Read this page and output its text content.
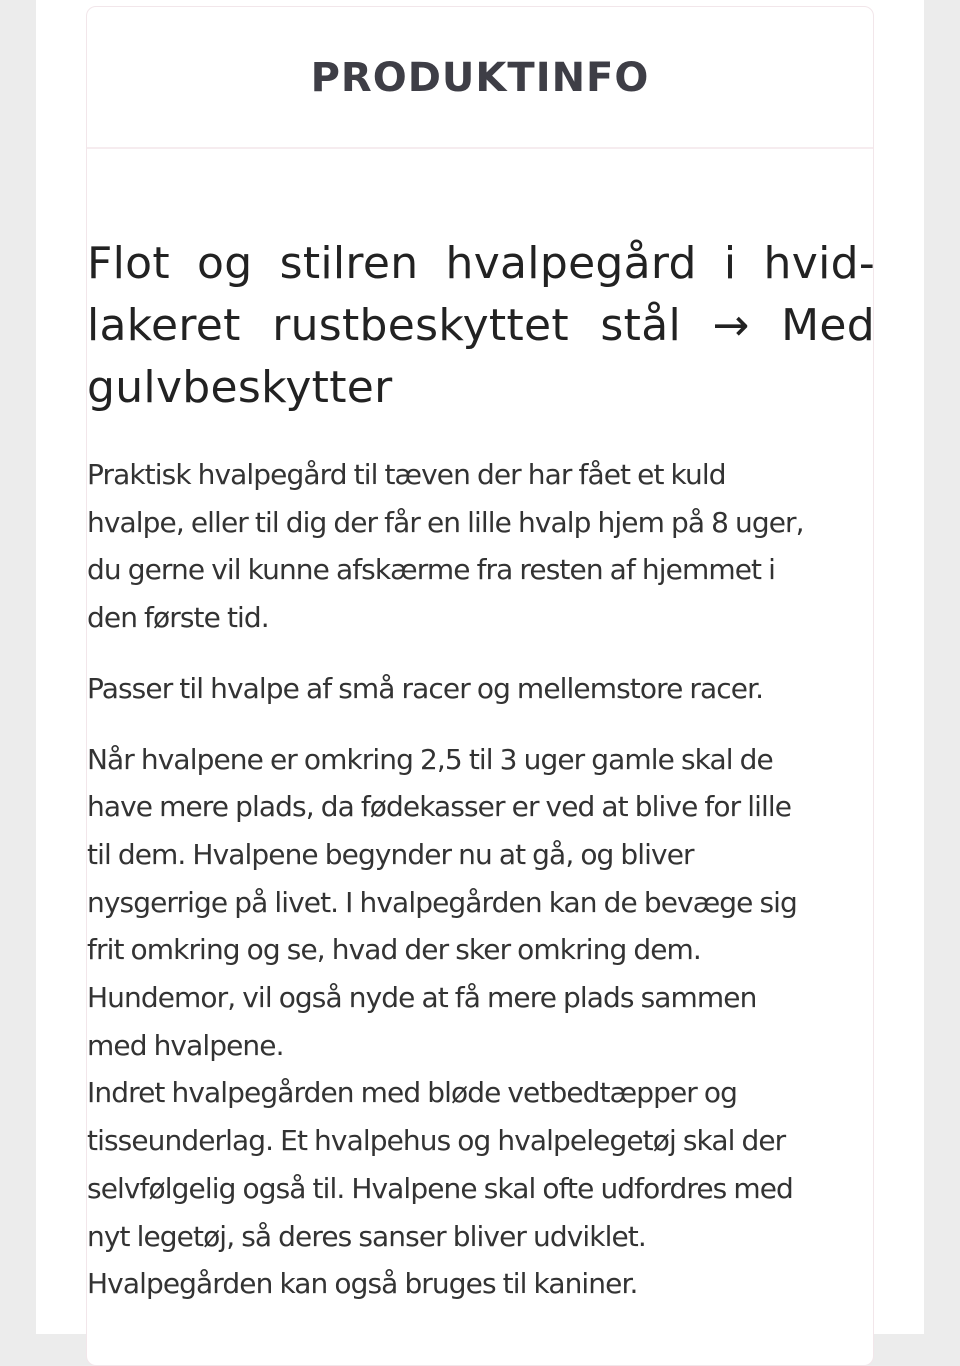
PRODUKTINFO
Flot og stilren hvalpegård i hvid-lakeret rustbeskyttet stål → Med gulvbeskytter

Praktisk hvalpegård til tæven der har fået et kuld
hvalpe, eller til dig der får en lille hvalp hjem på 8 uger,
du gerne vil kunne afskærme fra resten af hjemmet i
den første tid.

Passer til hvalpe af små racer og mellemstore racer.

Når hvalpene er omkring 2,5 til 3 uger gamle skal de
have mere plads, da fødekasser er ved at blive for lille
til dem. Hvalpene begynder nu at gå, og bliver
nysgerrige på livet. I hvalpegården kan de bevæge sig
frit omkring og se, hvad der sker omkring dem.
Hundemor, vil også nyde at få mere plads sammen
med hvalpene.
Indret hvalpegården med bløde vetbedtæpper og
tisseunderlag. Et hvalpehus og hvalpelegetøj skal der
selvfølgelig også til. Hvalpene skal ofte udfordres med
nyt legetøj, så deres sanser bliver udviklet.
Hvalpegården kan også bruges til kaniner.
